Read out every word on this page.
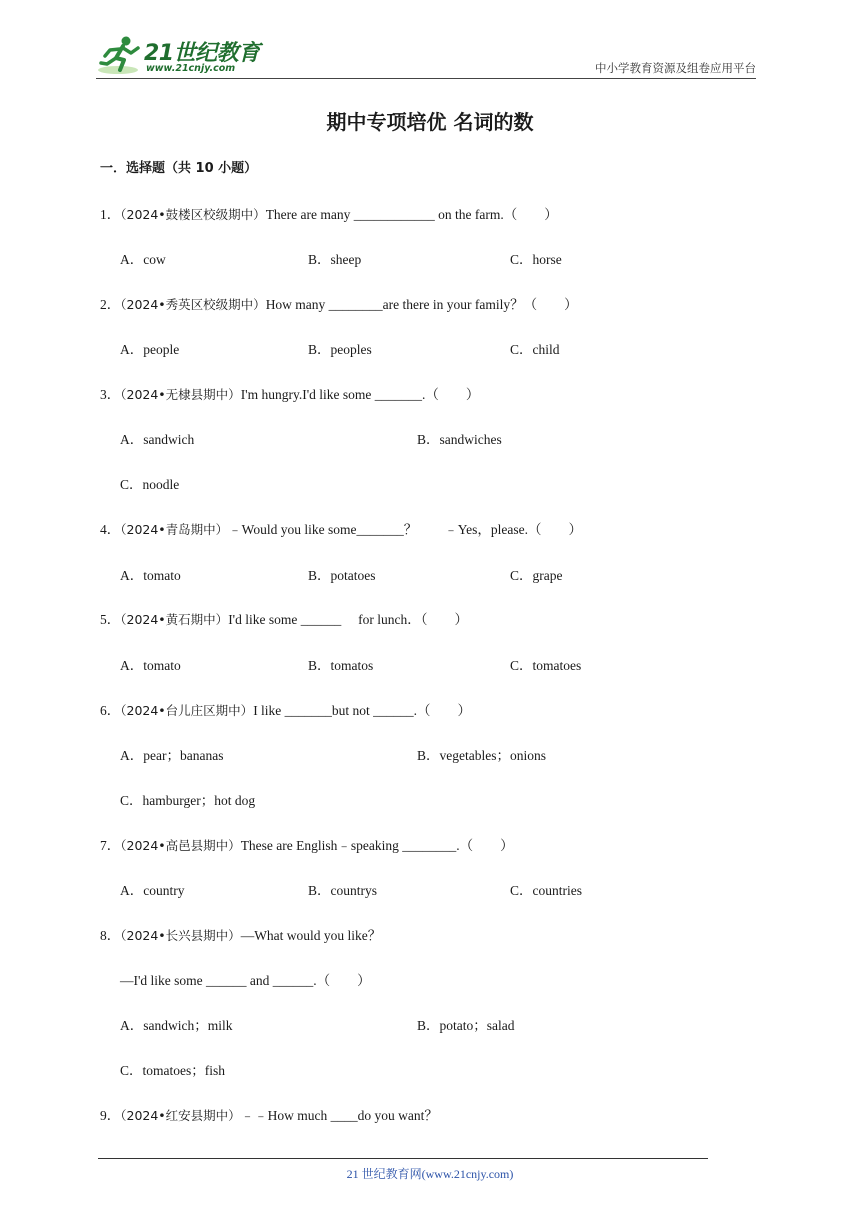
21世纪教育
www.21cnjy.com	中小学教育资源及组卷应用平台
期中专项培优 名词的数
一．选择题（共 10 小题）
1．（2024•鼓楼区校级期中）There are many ____________ on the farm.（　　）
A．cow	B．sheep	C．horse
2．（2024•秀英区校级期中）How many ________are there in your family？（　　）
A．people	B．peoples	C．child
3．（2024•无棣县期中）I'm hungry.I'd like some _______.（　　）
A．sandwich	B．sandwiches
C．noodle
4．（2024•青岛期中）﹣Would you like some_______？　　﹣Yes，please.（　　）
A．tomato	B．potatoes	C．grape
5．（2024•黄石期中）I'd like some ______　 for lunch．（　　）
A．tomato	B．tomatos	C．tomatoes
6．（2024•台儿庄区期中）I like _______but not ______.（　　）
A．pear；bananas	B．vegetables；onions
C．hamburger；hot dog
7．（2024•高邑县期中）These are English﹣speaking ________.（　　）
A．country	B．countrys	C．countries
8．（2024•长兴县期中）—What would you like？
—I'd like some ______ and ______.（　　）
A．sandwich；milk	B．potato；salad
C．tomatoes；fish
9．（2024•红安县期中）﹣﹣How much ____do you want？
21 世纪教育网(www.21cnjy.com)
